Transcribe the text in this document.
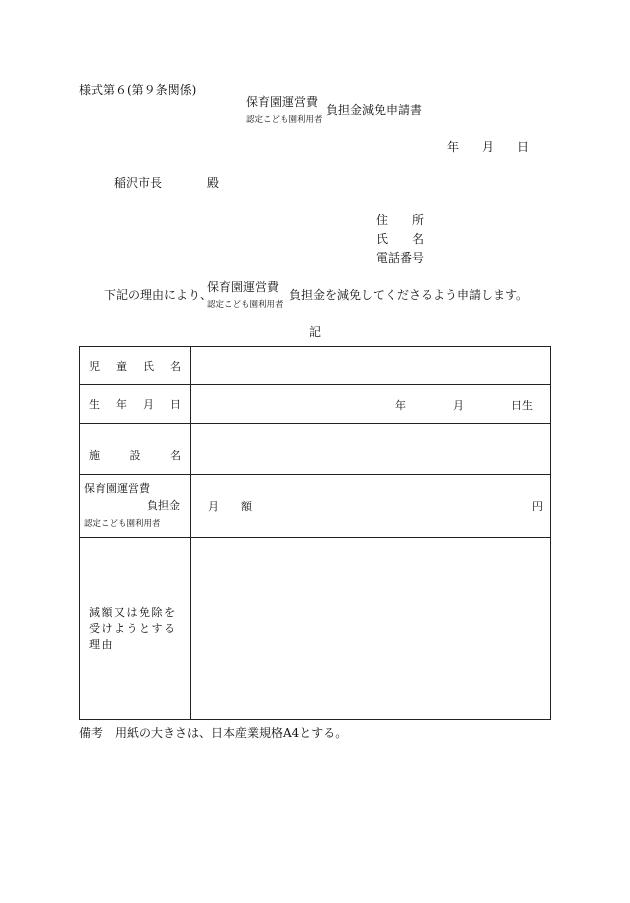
様式第６(第９条関係)
保育園運営費
認定こども園利用者
負担金減免申請書
年 月 日
稲沢市長	殿
住　　所
氏　　名
電話番号
下記の理由により、
保育園運営費
認定こども園利用者
負担金を減免してくださるよう申請します。
記
児 童 氏 名	

生 年 月 日	年 月 日生

施 設 名	

保育園運営費
負担金
認定こども園利用者	月　　額 円

減額又は免除を
受けようとする
理由	

備考　用紙の大きさは、日本産業規格A4とする。
